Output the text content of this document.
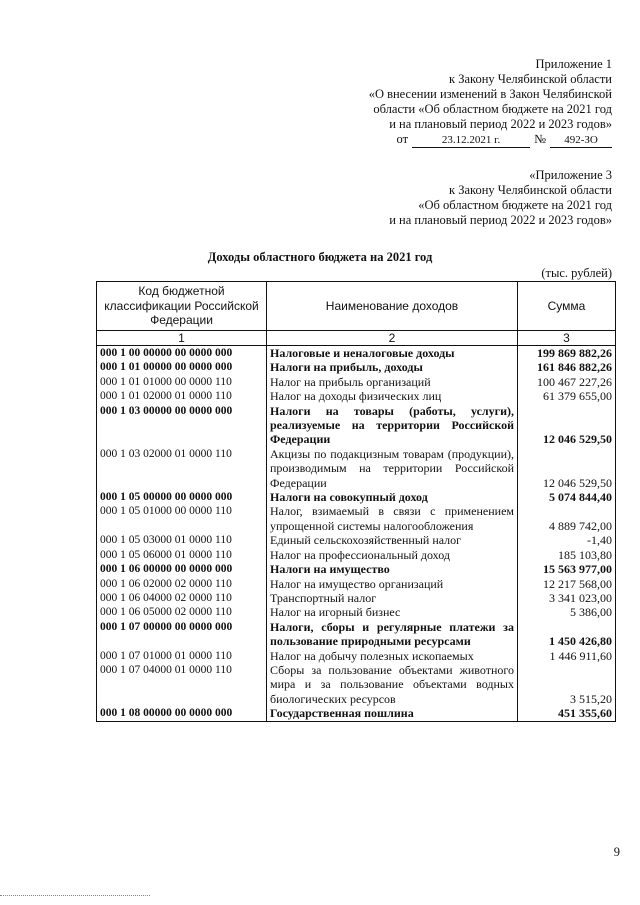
Приложение 1
к Закону Челябинской области
«О внесении изменений в Закон Челябинской
области «Об областном бюджете на 2021 год
и на плановый период 2022 и 2023 годов»
от	23.12.2021 г.	№	492-ЗО
«Приложение 3
к Закону Челябинской области
«Об областном бюджете на 2021 год
и на плановый период 2022 и 2023 годов»
Доходы областного бюджета на 2021 год
(тыс. рублей)
Код бюджетной классификации Российской Федерации	Наименование доходов	Сумма
1	2	3
000 1 00 00000 00 0000 000	Налоговые и неналоговые доходы	199 869 882,26
000 1 01 00000 00 0000 000	Налоги на прибыль, доходы	161 846 882,26
000 1 01 01000 00 0000 110	Налог на прибыль организаций	100 467 227,26
000 1 01 02000 01 0000 110	Налог на доходы физических лиц	61 379 655,00
000 1 03 00000 00 0000 000	Налоги на товары (работы, услуги), реализуемые на территории Российской Федерации	12 046 529,50
000 1 03 02000 01 0000 110	Акцизы по подакцизным товарам (продукции), производимым на территории Российской Федерации	12 046 529,50
000 1 05 00000 00 0000 000	Налоги на совокупный доход	5 074 844,40
000 1 05 01000 00 0000 110	Налог, взимаемый в связи с применением упрощенной системы налогообложения	4 889 742,00
000 1 05 03000 01 0000 110	Единый сельскохозяйственный налог	-1,40
000 1 05 06000 01 0000 110	Налог на профессиональный доход	185 103,80
000 1 06 00000 00 0000 000	Налоги на имущество	15 563 977,00
000 1 06 02000 02 0000 110	Налог на имущество организаций	12 217 568,00
000 1 06 04000 02 0000 110	Транспортный налог	3 341 023,00
000 1 06 05000 02 0000 110	Налог на игорный бизнес	5 386,00
000 1 07 00000 00 0000 000	Налоги, сборы и регулярные платежи за пользование природными ресурсами	1 450 426,80
000 1 07 01000 01 0000 110	Налог на добычу полезных ископаемых	1 446 911,60
000 1 07 04000 01 0000 110	Сборы за пользование объектами животного мира и за пользование объектами водных биологических ресурсов	3 515,20
000 1 08 00000 00 0000 000	Государственная пошлина	451 355,60
9
